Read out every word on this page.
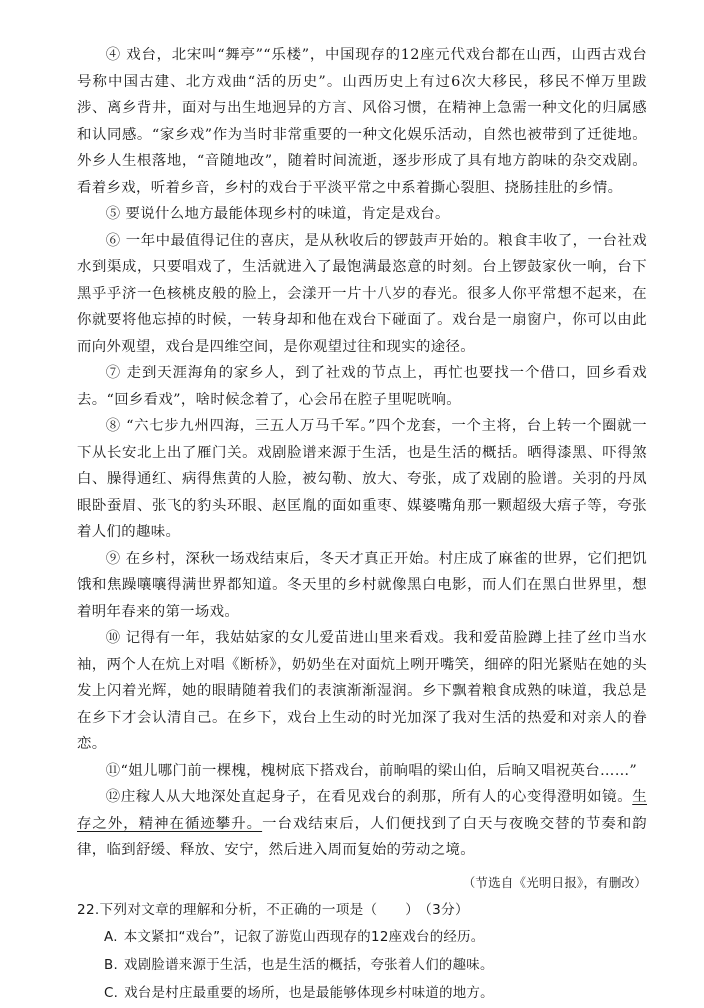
④ 戏台，北宋叫“舞亭”“乐楼”，中国现存的12座元代戏台都在山西，山西古戏台号称中国古建、北方戏曲“活的历史”。山西历史上有过6次大移民，移民不惮万里跋涉、离乡背井，面对与出生地迥异的方言、风俗习惯，在精神上急需一种文化的归属感和认同感。“家乡戏”作为当时非常重要的一种文化娱乐活动，自然也被带到了迁徙地。外乡人生根落地，“音随地改”，随着时间流逝，逐步形成了具有地方韵味的杂交戏剧。看着乡戏，听着乡音，乡村的戏台于平淡平常之中系着撕心裂胆、挠肠挂肚的乡情。

⑤ 要说什么地方最能体现乡村的味道，肯定是戏台。

⑥ 一年中最值得记住的喜庆，是从秋收后的锣鼓声开始的。粮食丰收了，一台社戏水到渠成，只要唱戏了，生活就进入了最饱满最恣意的时刻。台上锣鼓家伙一响，台下黑乎乎济一色核桃皮般的脸上，会漾开一片十八岁的春光。很多人你平常想不起来，在你就要将他忘掉的时候，一转身却和他在戏台下碰面了。戏台是一扇窗户，你可以由此而向外观望，戏台是四维空间，是你观望过往和现实的途径。

⑦ 走到天涯海角的家乡人，到了社戏的节点上，再忙也要找一个借口，回乡看戏去。“回乡看戏”，啥时候念着了，心会吊在腔子里呢咣响。

⑧ “六七步九州四海，三五人万马千军。”四个龙套，一个主将，台上转一个圈就一下从长安北上出了雁门关。戏剧脸谱来源于生活，也是生活的概括。晒得漆黑、吓得煞白、臊得通红、病得焦黄的人脸，被勾勒、放大、夸张，成了戏剧的脸谱。关羽的丹凤眼卧蚕眉、张飞的豹头环眼、赵匡胤的面如重枣、媒婆嘴角那一颗超级大痦子等，夸张着人们的趣味。

⑨ 在乡村，深秋一场戏结束后，冬天才真正开始。村庄成了麻雀的世界，它们把饥饿和焦躁嚷嚷得满世界都知道。冬天里的乡村就像黑白电影，而人们在黑白世界里，想着明年春来的第一场戏。

⑩ 记得有一年，我姑姑家的女儿爱苗进山里来看戏。我和爱苗脸蹲上挂了丝巾当水袖，两个人在炕上对唱《断桥》，奶奶坐在对面炕上咧开嘴笑，细碎的阳光紧贴在她的头发上闪着光辉，她的眼睛随着我们的表演渐渐湿润。乡下飘着粮食成熟的味道，我总是在乡下才会认清自己。在乡下，戏台上生动的时光加深了我对生活的热爱和对亲人的眷恋。

⑪“姐儿哪门前一棵槐，槐树底下搭戏台，前晌唱的梁山伯，后晌又唱祝英台……”

⑫庄稼人从大地深处直起身子，在看见戏台的刹那，所有人的心变得澄明如镜。生存之外，精神在循迹攀升。一台戏结束后，人们便找到了白天与夜晚交替的节奏和韵律，临到舒缓、释放、安宁，然后进入周而复始的劳动之境。

（节选自《光明日报》，有删改）

22.下列对文章的理解和分析，不正确的一项是（　　） （3分）

A. 本文紧扣“戏台”，记叙了游览山西现存的12座戏台的经历。

B. 戏剧脸谱来源于生活，也是生活的概括，夸张着人们的趣味。

C. 戏台是村庄最重要的场所，也是最能够体现乡村味道的地方。
